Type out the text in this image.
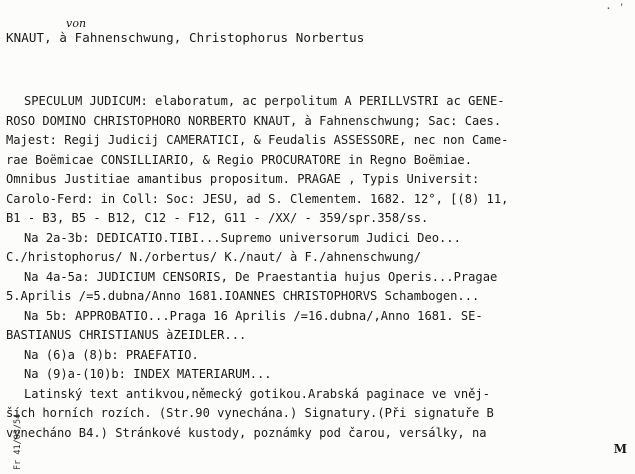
· ʹ
von
KNAUT, à Fahnenschwung, Christophorus Norbertus
SPECULUM JUDICUM: elaboratum, ac perpolitum A PERILLVSTRI ac GENE-
ROSO DOMINO CHRISTOPHORO NORBERTO KNAUT, à Fahnenschwung; Sac: Caes.
Majest: Regij Judicij CAMERATICI, & Feudalis ASSESSORE, nec non Came-
rae Boëmicae CONSILLIARIO, & Regio PROCURATORE in Regno Boëmiae.
Omnibus Justitiae amantibus propositum. PRAGAE , Typis Universit:
Carolo-Ferd: in Coll: Soc: JESU, ad S. Clementem. 1682. 12°, [(8) 11,
B1 - B3, B5 - B12, C12 - F12, G11 - /XX/ - 359/spr.358/ss.
Na 2a-3b: DEDICATIO.TIBI...Supremo universorum Judici Deo...
C./hristophorus/ N./orbertus/ K./naut/ à F./ahnenschwung/
Na 4a-5a: JUDICIUM CENSORIS, De Praestantia hujus Operis...Pragae
5.Aprilis /=5.dubna/Anno 1681.IOANNES CHRISTOPHORVS Schambogen...
Na 5b: APPROBATIO...Praga 16 Aprilis /=16.dubna/,Anno 1681. SE-
BASTIANUS CHRISTIANUS àZEIDLER...
Na (6)a (8)b: PRAEFATIO.
Na (9)a-(10)b: INDEX MATERIARUM...
Latinský text antikvou,německý gotikou.Arabská paginace ve vněj-
ších horních rozích. (Str.90 vynechána.) Signatury.(Při signatuře B
vynecháno B4.) Stránkové kustody, poznámky pod čarou, versálky, na
Fr 41/03/54	M
